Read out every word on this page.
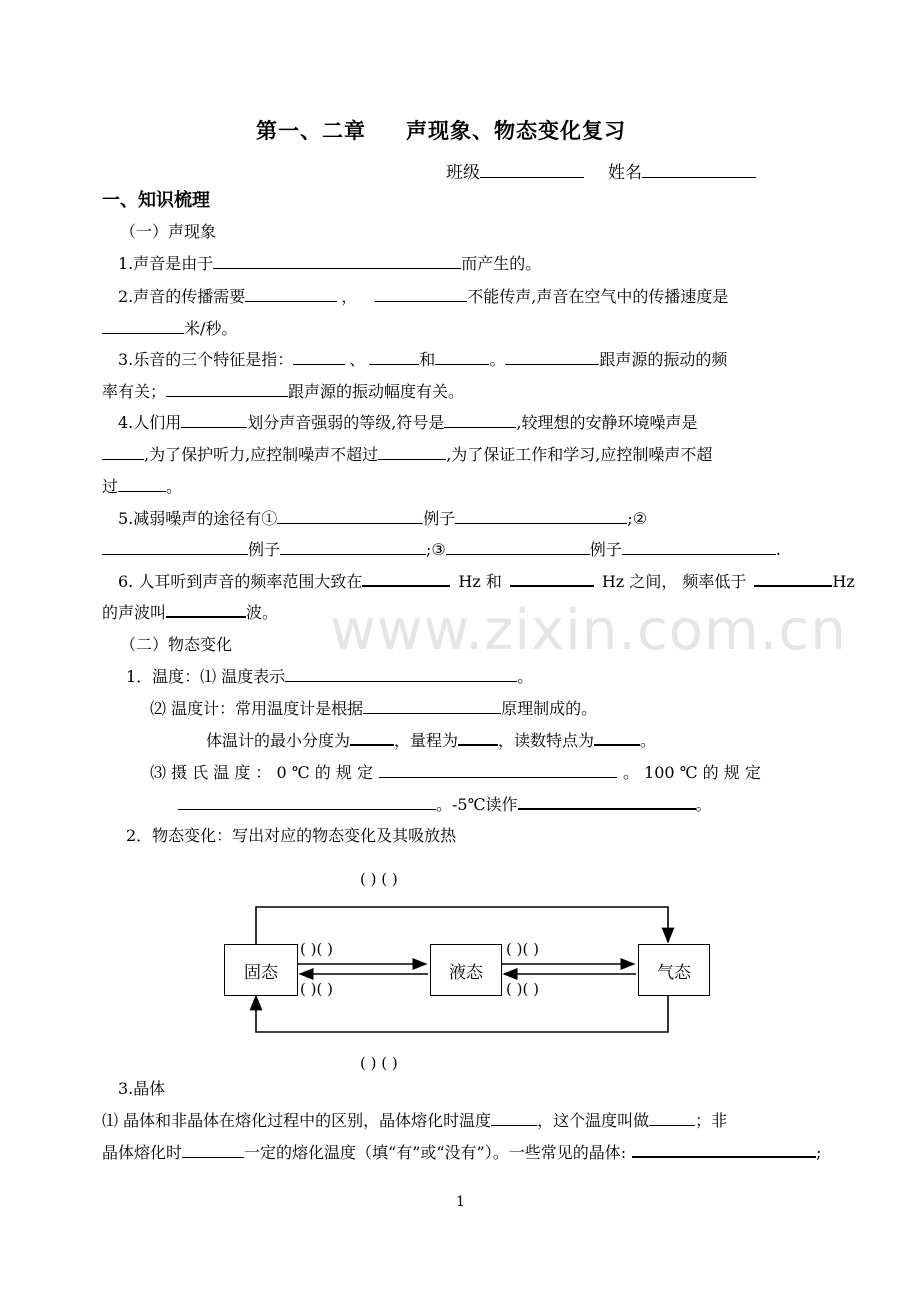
第一、二章 声现象、物态变化复习
班级	姓名
一、知识梳理
（一）声现象
1.声音是由于	而产生的。
2.声音的传播需要	，	不能传声,声音在空气中的传播速度是
米/秒。
3.乐音的三个特征是指：	、	和	。	跟声源的振动的频
率有关；	跟声源的振动幅度有关。
4.人们用	划分声音强弱的等级,符号是	,较理想的安静环境噪声是
,为了保护听力,应控制噪声不超过	,为了保证工作和学习,应控制噪声不超
过	。
5.减弱噪声的途径有①	例子	;②
例子	;③	例子	.
6. 人耳听到声音的频率范围大致在	Hz 和	Hz 之间， 频率低于	Hz
的声波叫	波。 www.zixin.com.cn
（二）物态变化
1．温度：⑴ 温度表示	。
⑵ 温度计：常用温度计是根据	原理制成的。
体温计的最小分度为	，量程为	，读数特点为	。
⑶ 摄 氏 温 度 ： 0 ℃ 的 规 定	。 100 ℃ 的 规 定
。-5℃读作	。
2．物态变化：写出对应的物态变化及其吸放热
固态	液态	气态
( ) ( )
( ) ( )
( )( )
( )( )
( )( )
( )( )
3.晶体
⑴ 晶体和非晶体在熔化过程中的区别，晶体熔化时温度	，这个温度叫做	；非
晶体熔化时	一定的熔化温度（填“有”或“没有”）。一些常见的晶体:	;
1
